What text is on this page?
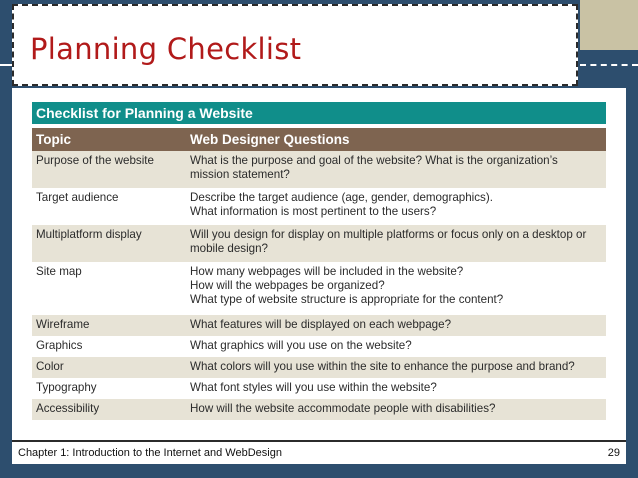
Planning Checklist
Checklist for Planning a Website
Topic	Web Designer Questions
Purpose of the website	What is the purpose and goal of the website? What is the organization’s
mission statement?
Target audience	Describe the target audience (age, gender, demographics).
What information is most pertinent to the users?
Multiplatform display	Will you design for display on multiple platforms or focus only on a desktop or
mobile design?
Site map	How many webpages will be included in the website?
How will the webpages be organized?
What type of website structure is appropriate for the content?
Wireframe	What features will be displayed on each webpage?
Graphics	What graphics will you use on the website?
Color	What colors will you use within the site to enhance the purpose and brand?
Typography	What font styles will you use within the website?
Accessibility	How will the website accommodate people with disabilities?
Chapter 1: Introduction to the Internet and WebDesign	29
